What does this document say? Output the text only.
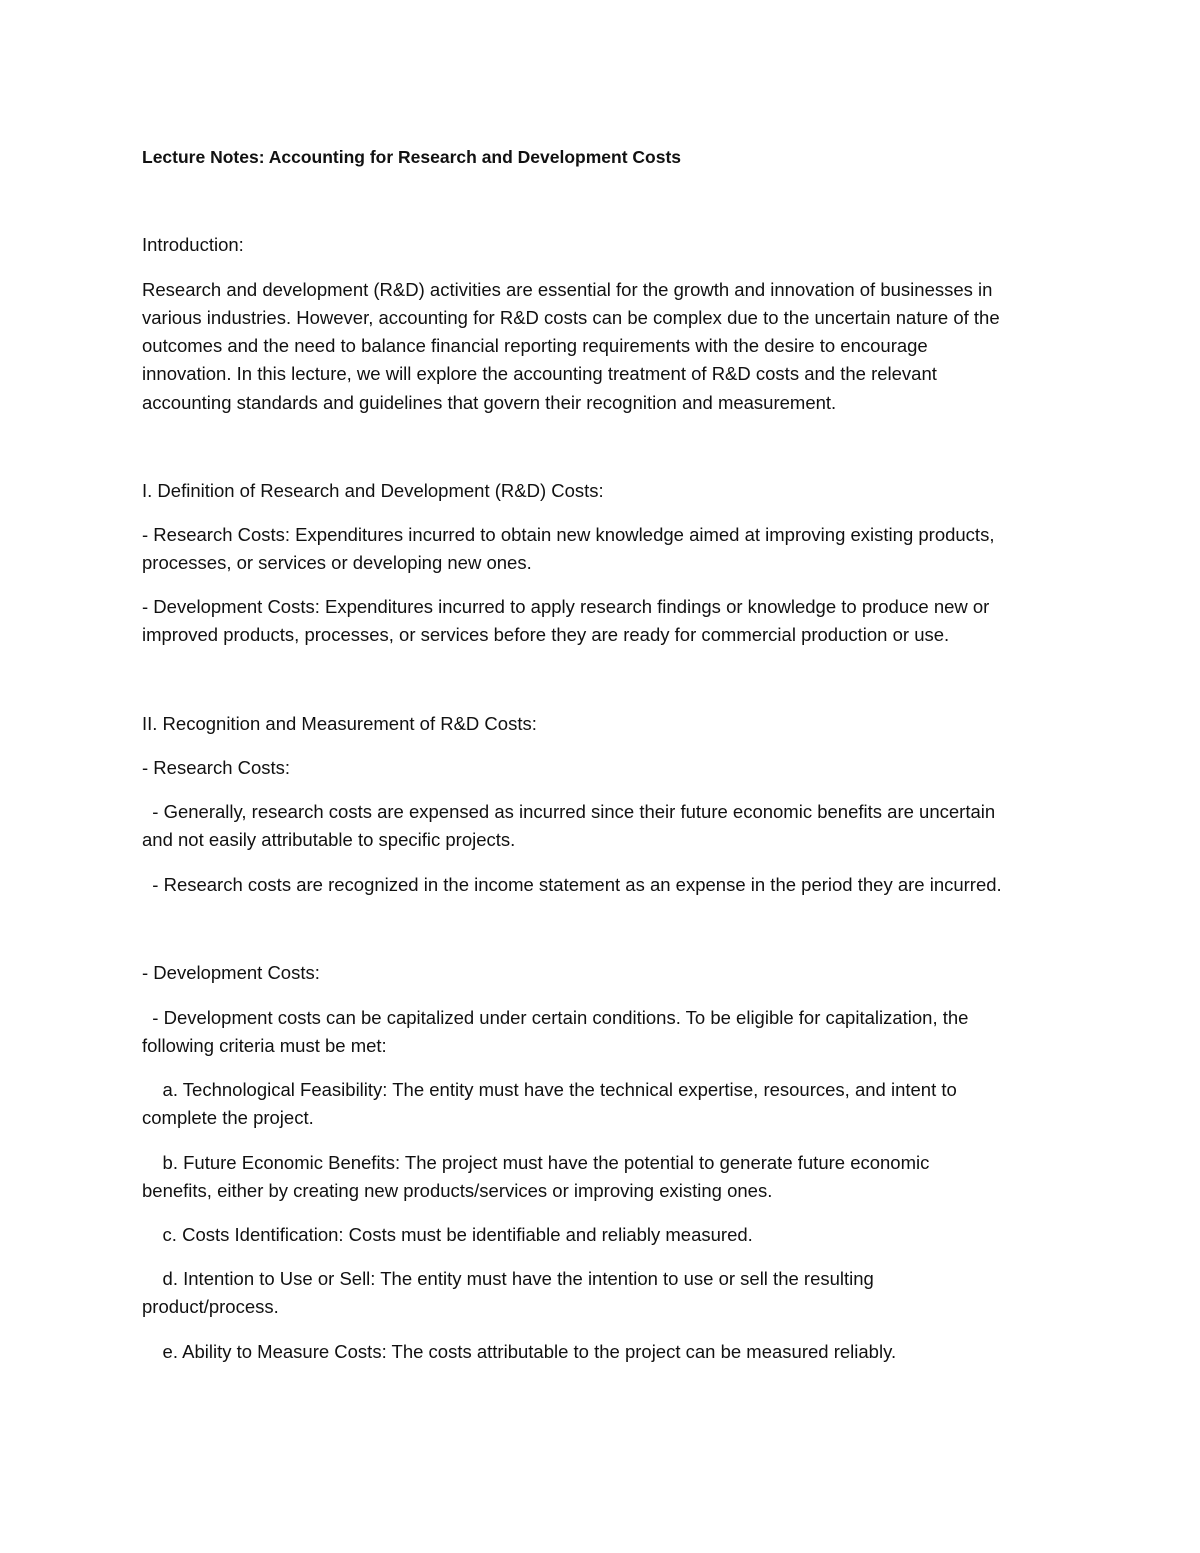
Lecture Notes: Accounting for Research and Development Costs

Introduction:

Research and development (R&D) activities are essential for the growth and innovation of businesses in

various industries. However, accounting for R&D costs can be complex due to the uncertain nature of the

outcomes and the need to balance financial reporting requirements with the desire to encourage

innovation. In this lecture, we will explore the accounting treatment of R&D costs and the relevant

accounting standards and guidelines that govern their recognition and measurement.

I. Definition of Research and Development (R&D) Costs:

- Research Costs: Expenditures incurred to obtain new knowledge aimed at improving existing products,

processes, or services or developing new ones.

- Development Costs: Expenditures incurred to apply research findings or knowledge to produce new or

improved products, processes, or services before they are ready for commercial production or use.

II. Recognition and Measurement of R&D Costs:

- Research Costs:

- Generally, research costs are expensed as incurred since their future economic benefits are uncertain

and not easily attributable to specific projects.

- Research costs are recognized in the income statement as an expense in the period they are incurred.

- Development Costs:

- Development costs can be capitalized under certain conditions. To be eligible for capitalization, the

following criteria must be met:

a. Technological Feasibility: The entity must have the technical expertise, resources, and intent to

complete the project.

b. Future Economic Benefits: The project must have the potential to generate future economic

benefits, either by creating new products/services or improving existing ones.

c. Costs Identification: Costs must be identifiable and reliably measured.

d. Intention to Use or Sell: The entity must have the intention to use or sell the resulting

product/process.

e. Ability to Measure Costs: The costs attributable to the project can be measured reliably.
